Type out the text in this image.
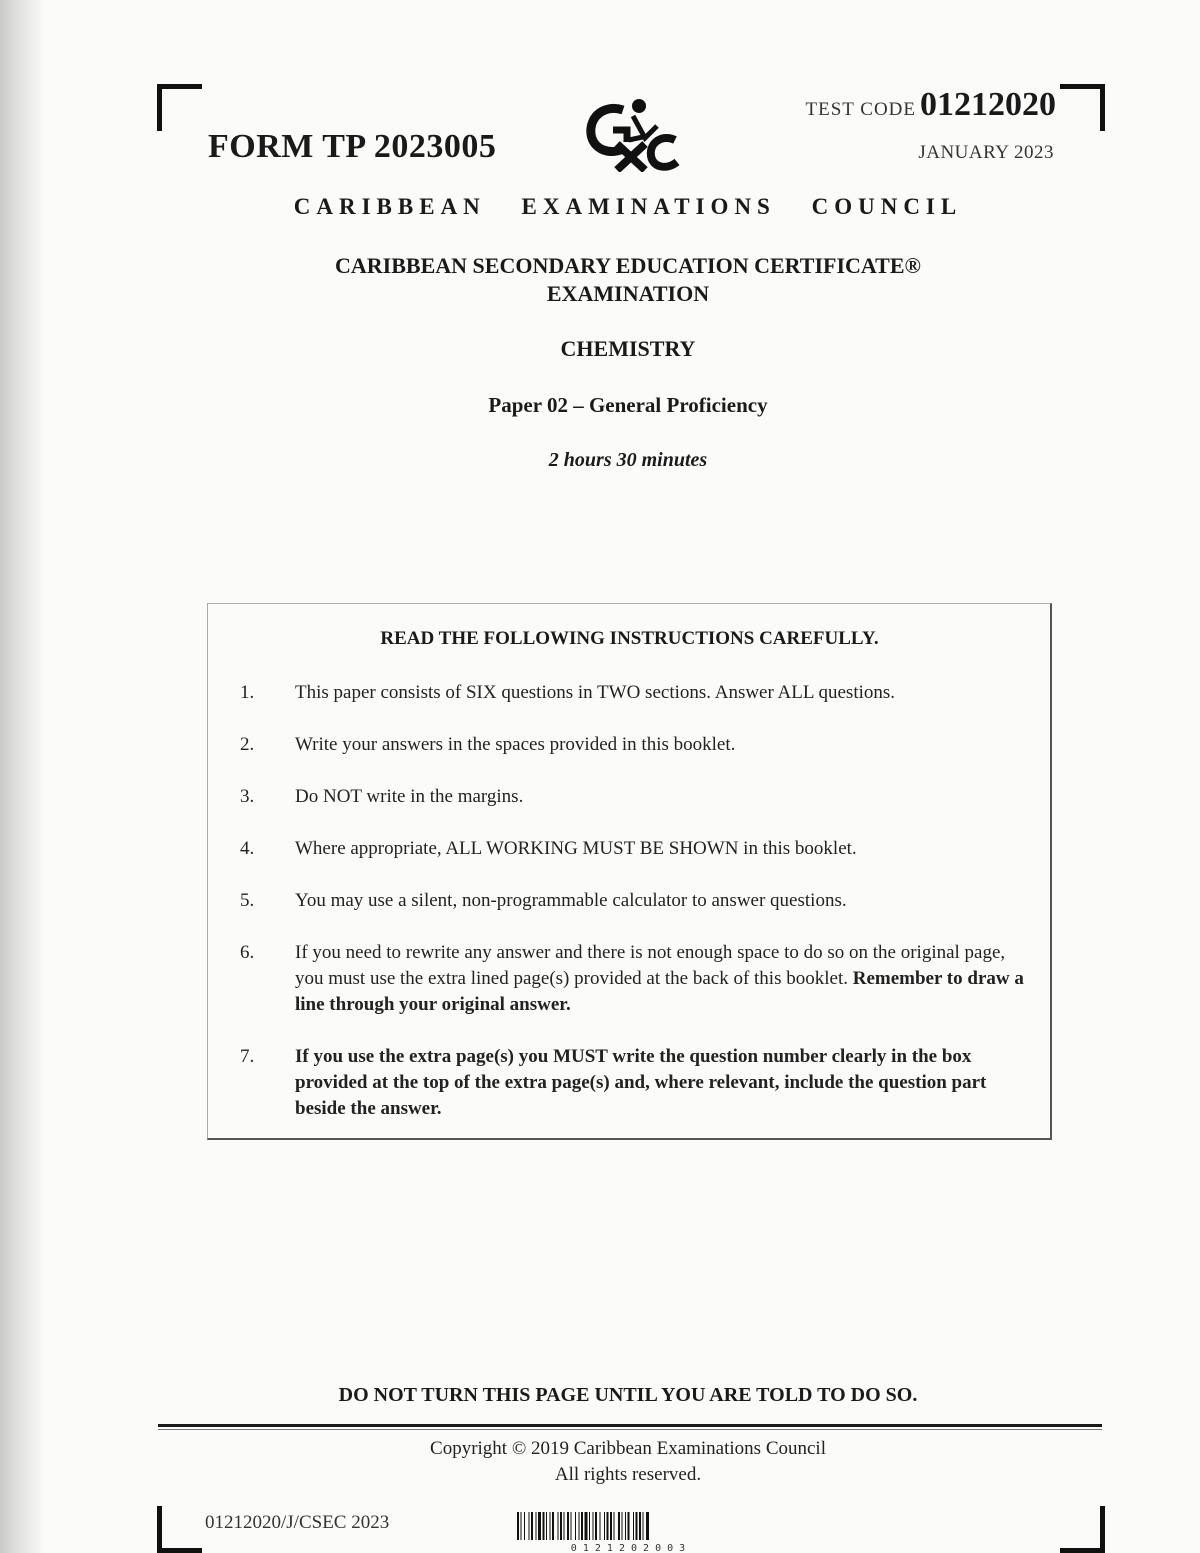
FORM TP 2023005
TEST CODE 01212020
JANUARY 2023
CARIBBEAN EXAMINATIONS COUNCIL
CARIBBEAN SECONDARY EDUCATION CERTIFICATE®
EXAMINATION
CHEMISTRY
Paper 02 – General Proficiency
2 hours 30 minutes
READ THE FOLLOWING INSTRUCTIONS CAREFULLY.
1.	This paper consists of SIX questions in TWO sections. Answer ALL questions.
2.	Write your answers in the spaces provided in this booklet.
3.	Do NOT write in the margins.
4.	Where appropriate, ALL WORKING MUST BE SHOWN in this booklet.
5.	You may use a silent, non-programmable calculator to answer questions.
6.	If you need to rewrite any answer and there is not enough space to do so on the original page, you must use the extra lined page(s) provided at the back of this booklet. Remember to draw a line through your original answer.
7.	If you use the extra page(s) you MUST write the question number clearly in the box provided at the top of the extra page(s) and, where relevant, include the question part beside the answer.
DO NOT TURN THIS PAGE UNTIL YOU ARE TOLD TO DO SO.
Copyright © 2019 Caribbean Examinations Council
All rights reserved.
01212020/J/CSEC 2023
0 1 2 1 2 0 2 0 0 3
